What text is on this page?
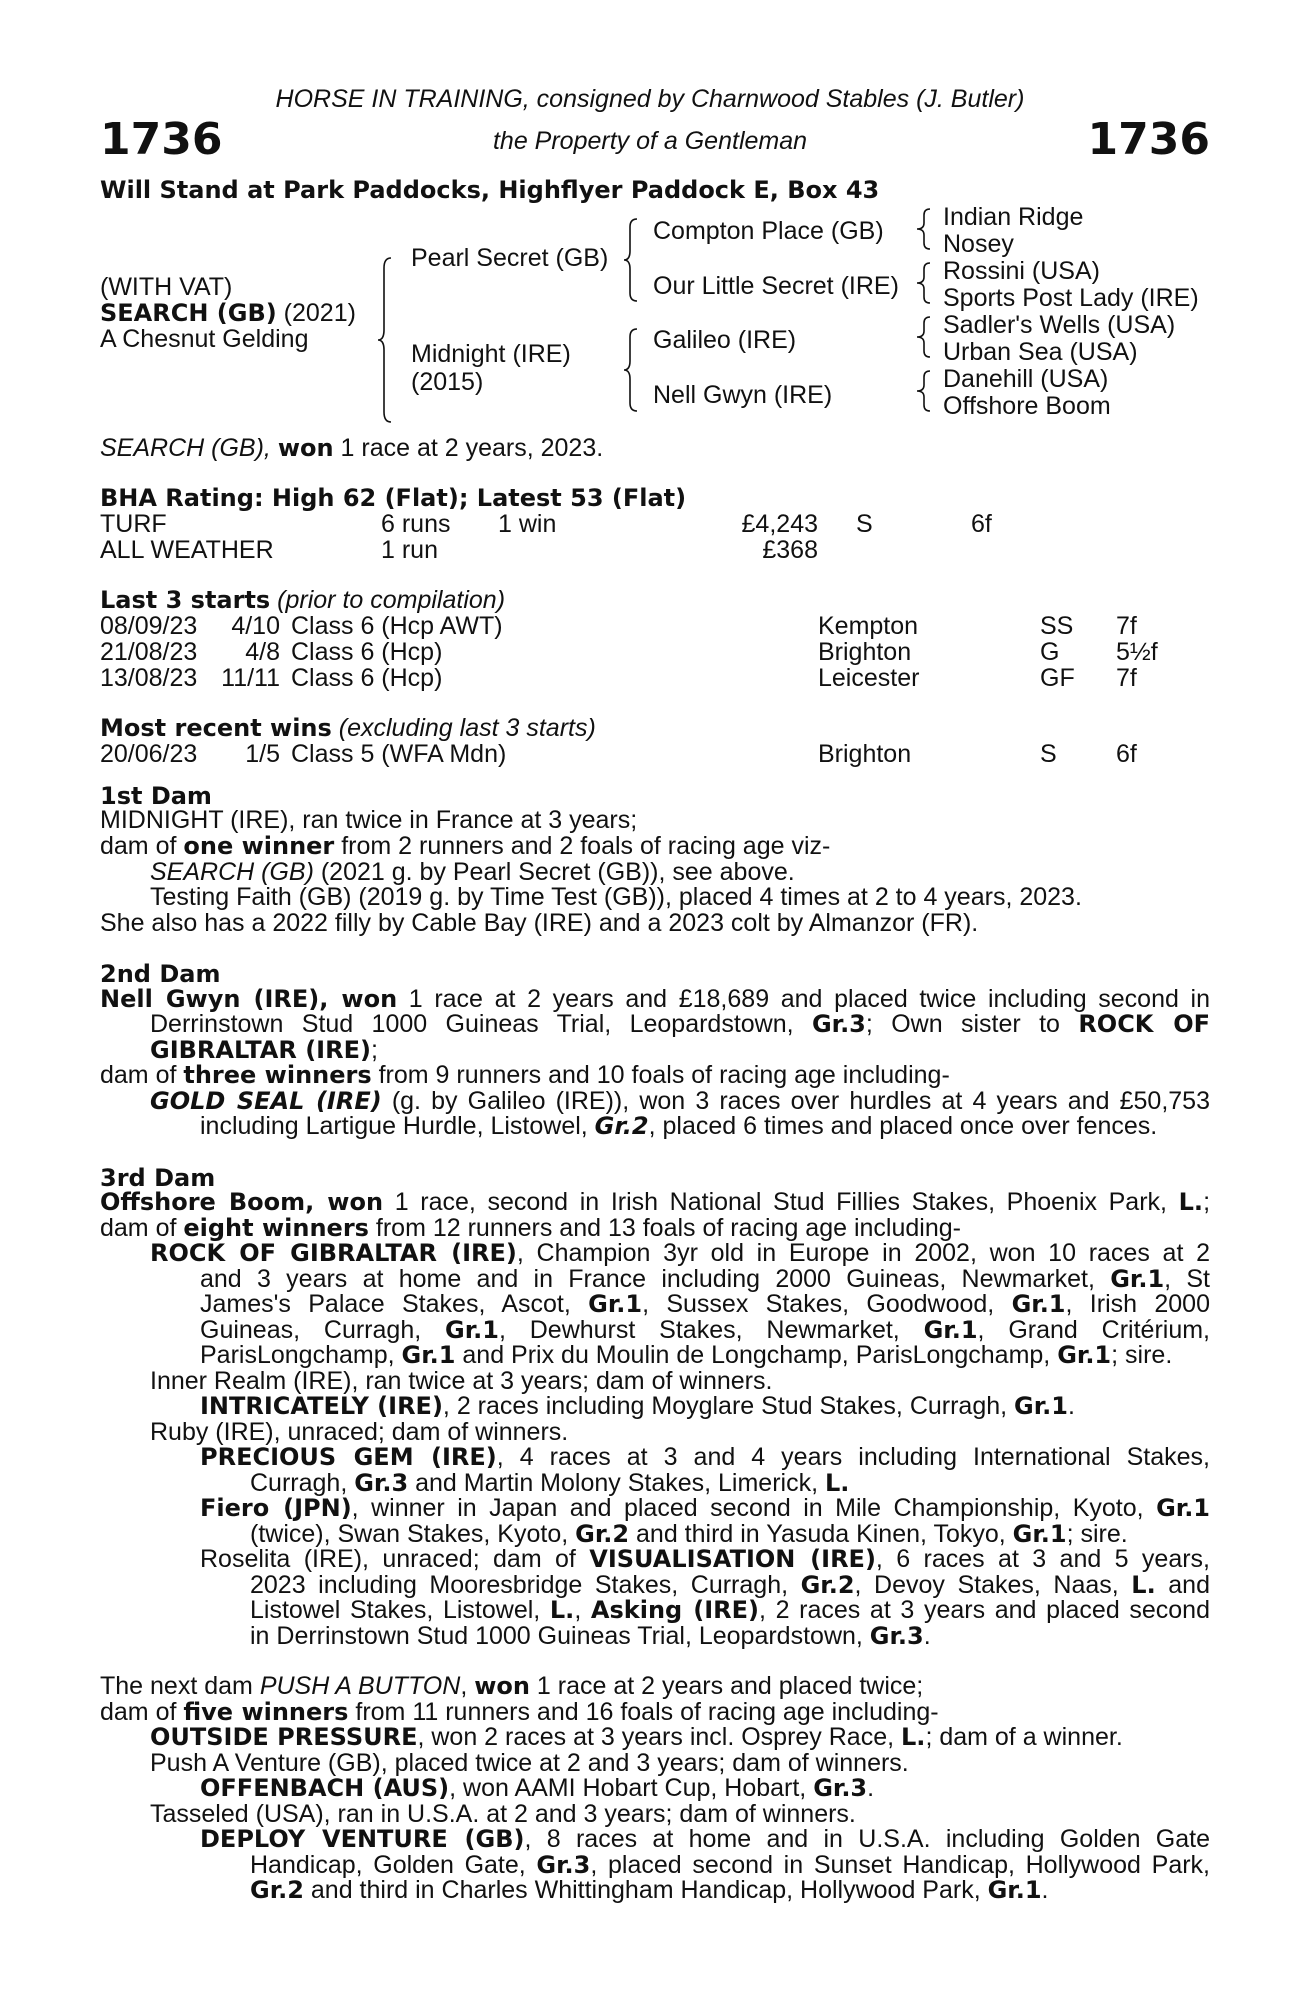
HORSE IN TRAINING, consigned by Charnwood Stables (J. Butler)
1736	the Property of a Gentleman	1736
Will Stand at Park Paddocks, Highflyer Paddock E, Box 43
(WITH VAT)
SEARCH (GB) (2021)
A Chesnut Gelding
Pearl Secret (GB)
Midnight (IRE)
(2015)
Compton Place (GB)
Our Little Secret (IRE)
Galileo (IRE)
Nell Gwyn (IRE)
Indian Ridge
Nosey
Rossini (USA)
Sports Post Lady (IRE)
Sadler's Wells (USA)
Urban Sea (USA)
Danehill (USA)
Offshore Boom
SEARCH (GB), won 1 race at 2 years, 2023.
BHA Rating: High 62 (Flat); Latest 53 (Flat)
TURF	6 runs 1 win	£4,243 S	6f
ALL WEATHER	1 run	£368
Last 3 starts (prior to compilation)
08/09/23 4/10 Class 6 (Hcp AWT)	Kempton	SS 7f
21/08/23 4/8 Class 6 (Hcp)	Brighton	G 5½f
13/08/23 11/11 Class 6 (Hcp)	Leicester	GF 7f
Most recent wins (excluding last 3 starts)
20/06/23 1/5 Class 5 (WFA Mdn)	Brighton	S 6f
1st Dam
MIDNIGHT (IRE), ran twice in France at 3 years;
dam of one winner from 2 runners and 2 foals of racing age viz-
SEARCH (GB) (2021 g. by Pearl Secret (GB)), see above.
Testing Faith (GB) (2019 g. by Time Test (GB)), placed 4 times at 2 to 4 years, 2023.
She also has a 2022 filly by Cable Bay (IRE) and a 2023 colt by Almanzor (FR).
2nd Dam
Nell Gwyn (IRE), won 1 race at 2 years and £18,689 and placed twice including second in
Derrinstown Stud 1000 Guineas Trial, Leopardstown, Gr.3; Own sister to ROCK OF
GIBRALTAR (IRE);
dam of three winners from 9 runners and 10 foals of racing age including-
GOLD SEAL (IRE) (g. by Galileo (IRE)), won 3 races over hurdles at 4 years and £50,753
including Lartigue Hurdle, Listowel, Gr.2, placed 6 times and placed once over fences.
3rd Dam
Offshore Boom, won 1 race, second in Irish National Stud Fillies Stakes, Phoenix Park, L.;
dam of eight winners from 12 runners and 13 foals of racing age including-
ROCK OF GIBRALTAR (IRE), Champion 3yr old in Europe in 2002, won 10 races at 2
and 3 years at home and in France including 2000 Guineas, Newmarket, Gr.1, St
James's Palace Stakes, Ascot, Gr.1, Sussex Stakes, Goodwood, Gr.1, Irish 2000
Guineas, Curragh, Gr.1, Dewhurst Stakes, Newmarket, Gr.1, Grand Critérium,
ParisLongchamp, Gr.1 and Prix du Moulin de Longchamp, ParisLongchamp, Gr.1; sire.
Inner Realm (IRE), ran twice at 3 years; dam of winners.
INTRICATELY (IRE), 2 races including Moyglare Stud Stakes, Curragh, Gr.1.
Ruby (IRE), unraced; dam of winners.
PRECIOUS GEM (IRE), 4 races at 3 and 4 years including International Stakes,
Curragh, Gr.3 and Martin Molony Stakes, Limerick, L.
Fiero (JPN), winner in Japan and placed second in Mile Championship, Kyoto, Gr.1
(twice), Swan Stakes, Kyoto, Gr.2 and third in Yasuda Kinen, Tokyo, Gr.1; sire.
Roselita (IRE), unraced; dam of VISUALISATION (IRE), 6 races at 3 and 5 years,
2023 including Mooresbridge Stakes, Curragh, Gr.2, Devoy Stakes, Naas, L. and
Listowel Stakes, Listowel, L., Asking (IRE), 2 races at 3 years and placed second
in Derrinstown Stud 1000 Guineas Trial, Leopardstown, Gr.3.
The next dam PUSH A BUTTON, won 1 race at 2 years and placed twice;
dam of five winners from 11 runners and 16 foals of racing age including-
OUTSIDE PRESSURE, won 2 races at 3 years incl. Osprey Race, L.; dam of a winner.
Push A Venture (GB), placed twice at 2 and 3 years; dam of winners.
OFFENBACH (AUS), won AAMI Hobart Cup, Hobart, Gr.3.
Tasseled (USA), ran in U.S.A. at 2 and 3 years; dam of winners.
DEPLOY VENTURE (GB), 8 races at home and in U.S.A. including Golden Gate
Handicap, Golden Gate, Gr.3, placed second in Sunset Handicap, Hollywood Park,
Gr.2 and third in Charles Whittingham Handicap, Hollywood Park, Gr.1.
